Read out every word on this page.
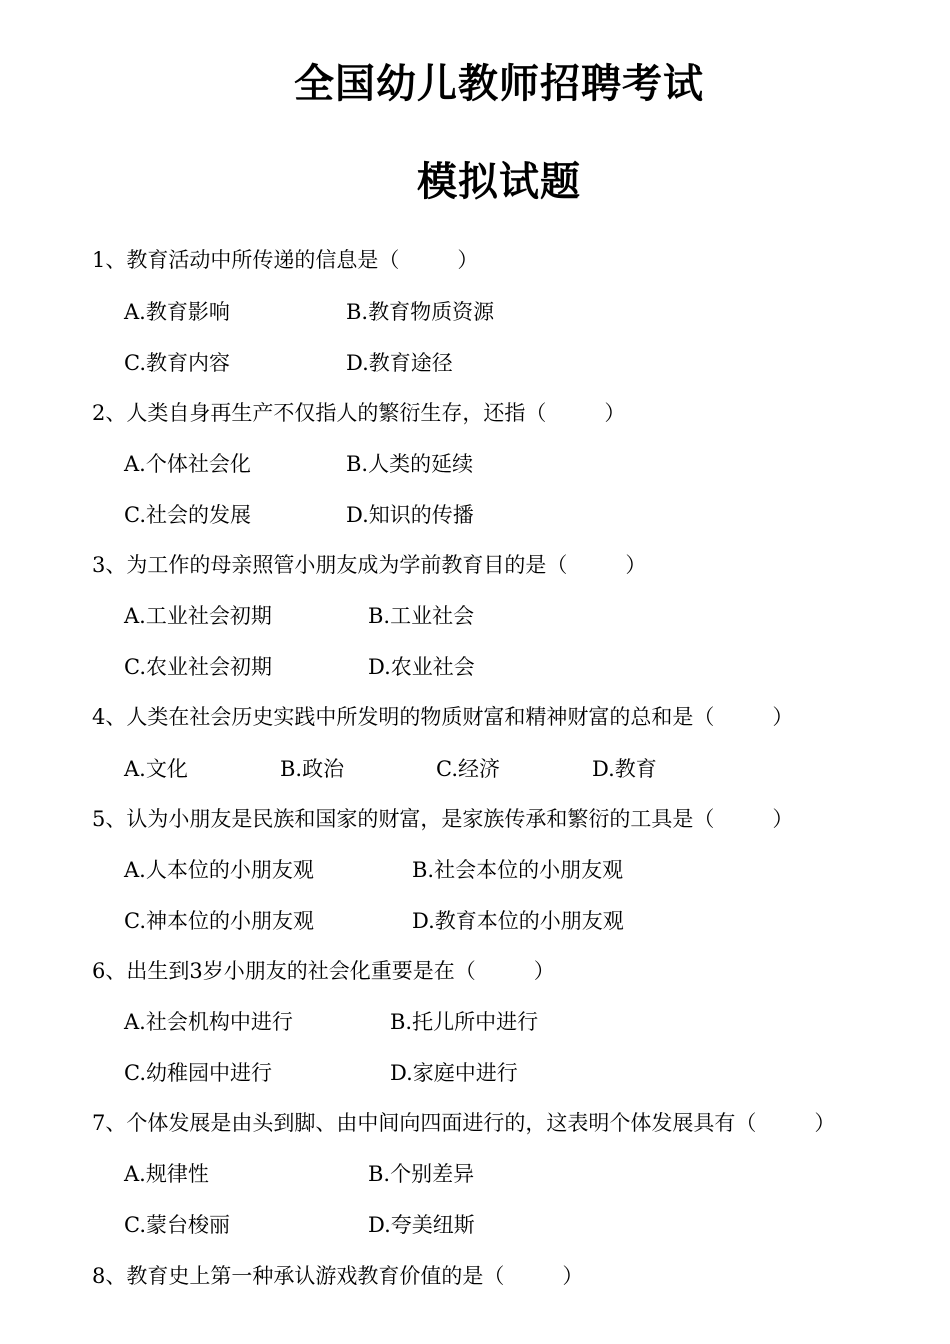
全国幼儿教师招聘考试
模拟试题
1、教育活动中所传递的信息是（	）
A.教育影响	B.教育物质资源
C.教育内容	D.教育途径
2、人类自身再生产不仅指人的繁衍生存，还指（	）
A.个体社会化	B.人类的延续
C.社会的发展	D.知识的传播
3、为工作的母亲照管小朋友成为学前教育目的是（	）
A.工业社会初期	B.工业社会
C.农业社会初期	D.农业社会
4、人类在社会历史实践中所发明的物质财富和精神财富的总和是（	）
A.文化	B.政治	C.经济	D.教育
5、认为小朋友是民族和国家的财富，是家族传承和繁衍的工具是（	）
A.人本位的小朋友观	B.社会本位的小朋友观
C.神本位的小朋友观	D.教育本位的小朋友观
6、出生到3岁小朋友的社会化重要是在（	）
A.社会机构中进行	B.托儿所中进行
C.幼稚园中进行	D.家庭中进行
7、个体发展是由头到脚、由中间向四面进行的，这表明个体发展具有（	）
A.规律性	B.个别差异
C.蒙台梭丽	D.夸美纽斯
8、教育史上第一种承认游戏教育价值的是（	）
